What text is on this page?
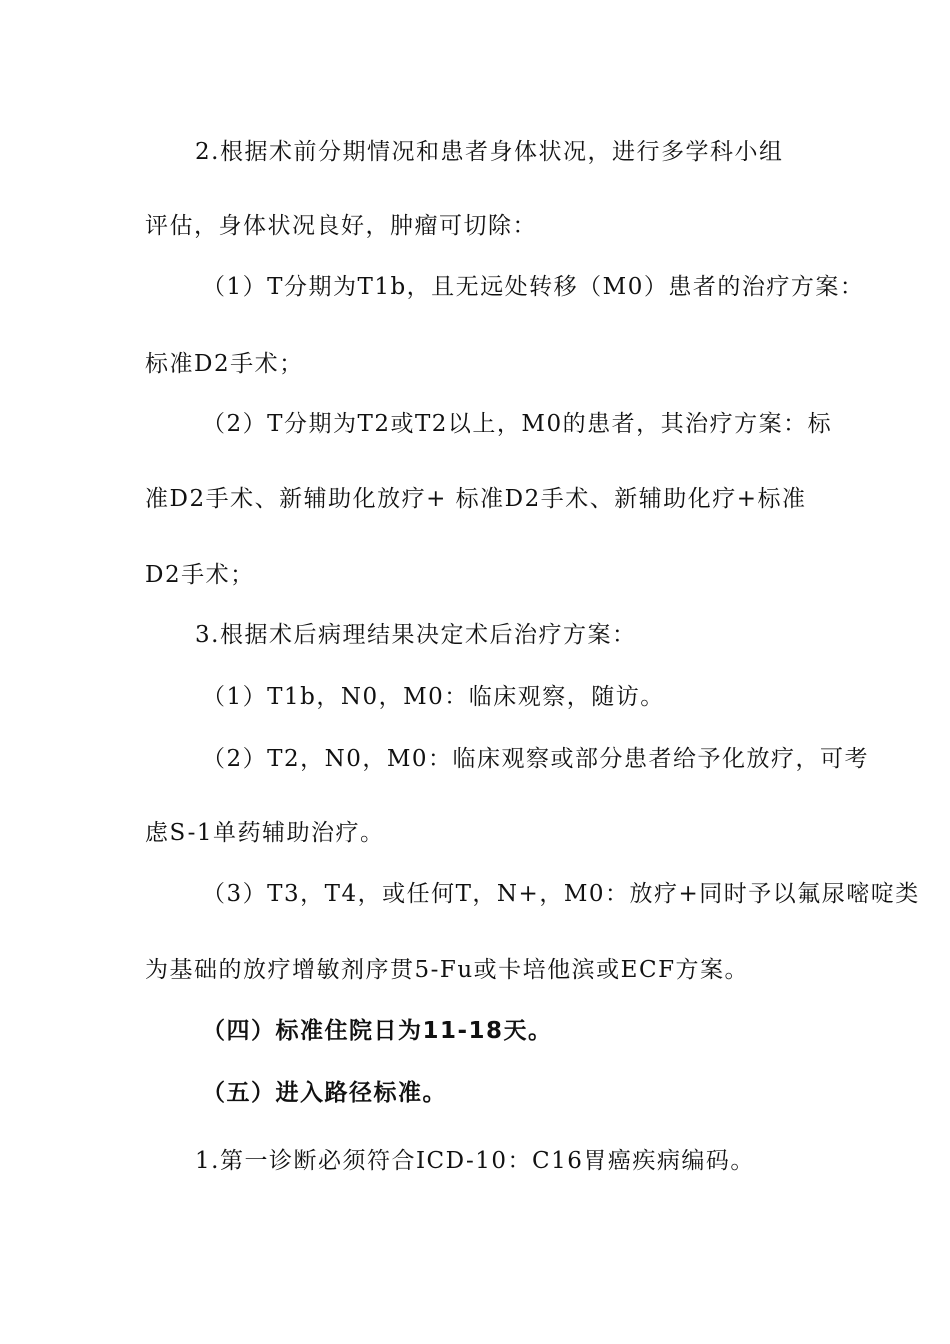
2.根据术前分期情况和患者身体状况，进行多学科小组
评估，身体状况良好，肿瘤可切除：
（1）T分期为T1b，且无远处转移（M0）患者的治疗方案：
标准D2手术；
（2）T分期为T2或T2以上，M0的患者，其治疗方案：标
准D2手术、新辅助化放疗+ 标准D2手术、新辅助化疗+标准
D2手术；
3.根据术后病理结果决定术后治疗方案：
（1）T1b，N0，M0：临床观察，随访。
（2）T2，N0，M0：临床观察或部分患者给予化放疗，可考
虑S-1单药辅助治疗。
（3）T3，T4，或任何T，N+，M0：放疗+同时予以氟尿嘧啶类
为基础的放疗增敏剂序贯5-Fu或卡培他滨或ECF方案。
（四）标准住院日为11-18天。
（五）进入路径标准。
1.第一诊断必须符合ICD-10：C16胃癌疾病编码。
